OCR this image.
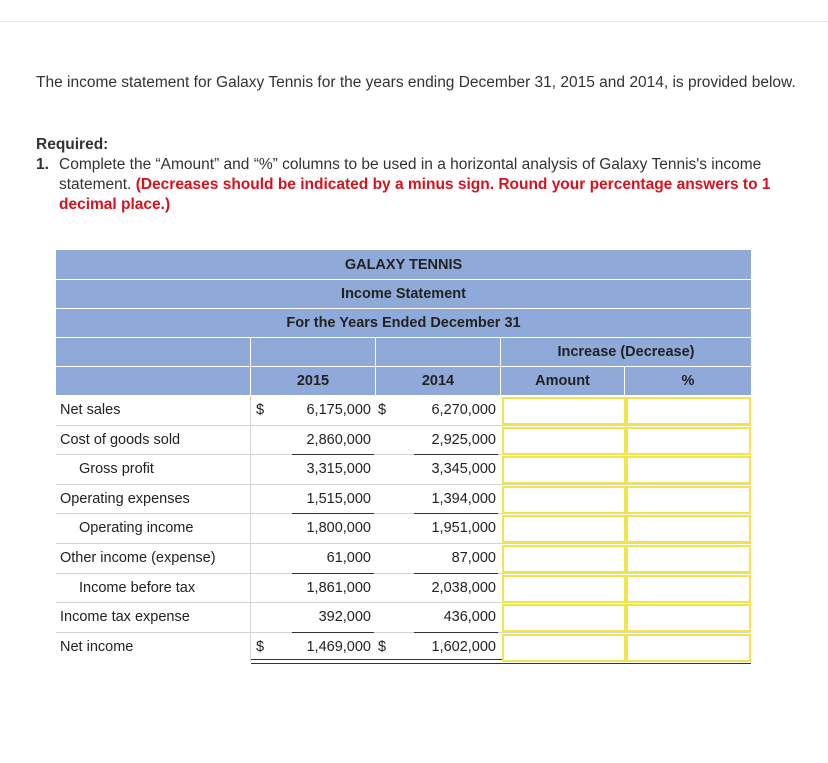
The income statement for Galaxy Tennis for the years ending December 31, 2015 and 2014, is provided below.
Required:
1. Complete the “Amount” and “%” columns to be used in a horizontal analysis of Galaxy Tennis's income statement. (Decreases should be indicated by a minus sign. Round your percentage answers to 1 decimal place.)
GALAXY TENNIS
Income Statement
For the Years Ended December 31
Increase (Decrease)
2015	2014	Amount	%
Net sales	$	6,175,000 $	6,270,000
Cost of goods sold	2,860,000	2,925,000
Gross profit	3,315,000	3,345,000
Operating expenses	1,515,000	1,394,000
Operating income	1,800,000	1,951,000
Other income (expense)	61,000	87,000
Income before tax	1,861,000	2,038,000
Income tax expense	392,000	436,000
Net income	$	1,469,000 $	1,602,000
